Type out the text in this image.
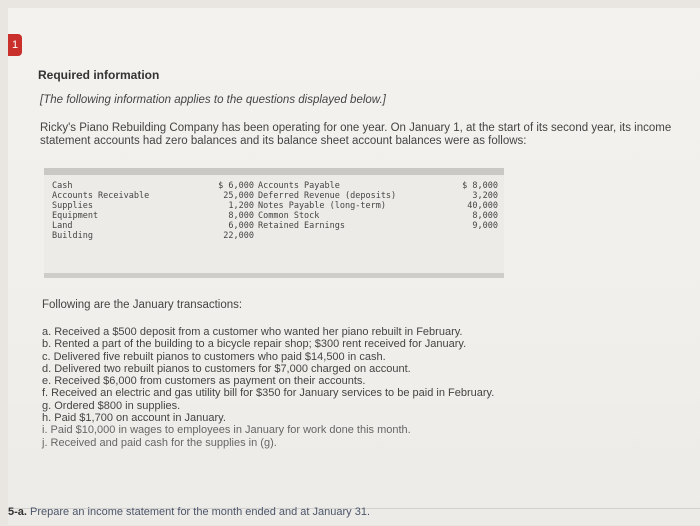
1
Required information
[The following information applies to the questions displayed below.]
Ricky's Piano Rebuilding Company has been operating for one year. On January 1, at the start of its second year, its income statement accounts had zero balances and its balance sheet account balances were as follows:
Cash
Accounts Receivable
Supplies
Equipment
Land
Building
$ 6,000
25,000
1,200
8,000
6,000
22,000
Accounts Payable
Deferred Revenue (deposits)
Notes Payable (long-term)
Common Stock
Retained Earnings
$ 8,000
3,200
40,000
8,000
9,000
Following are the January transactions:
a. Received a $500 deposit from a customer who wanted her piano rebuilt in February.
b. Rented a part of the building to a bicycle repair shop; $300 rent received for January.
c. Delivered five rebuilt pianos to customers who paid $14,500 in cash.
d. Delivered two rebuilt pianos to customers for $7,000 charged on account.
e. Received $6,000 from customers as payment on their accounts.
f. Received an electric and gas utility bill for $350 for January services to be paid in February.
g. Ordered $800 in supplies.
h. Paid $1,700 on account in January.
i. Paid $10,000 in wages to employees in January for work done this month.
j. Received and paid cash for the supplies in (g).
5-a. Prepare an income statement for the month ended and at January 31.
